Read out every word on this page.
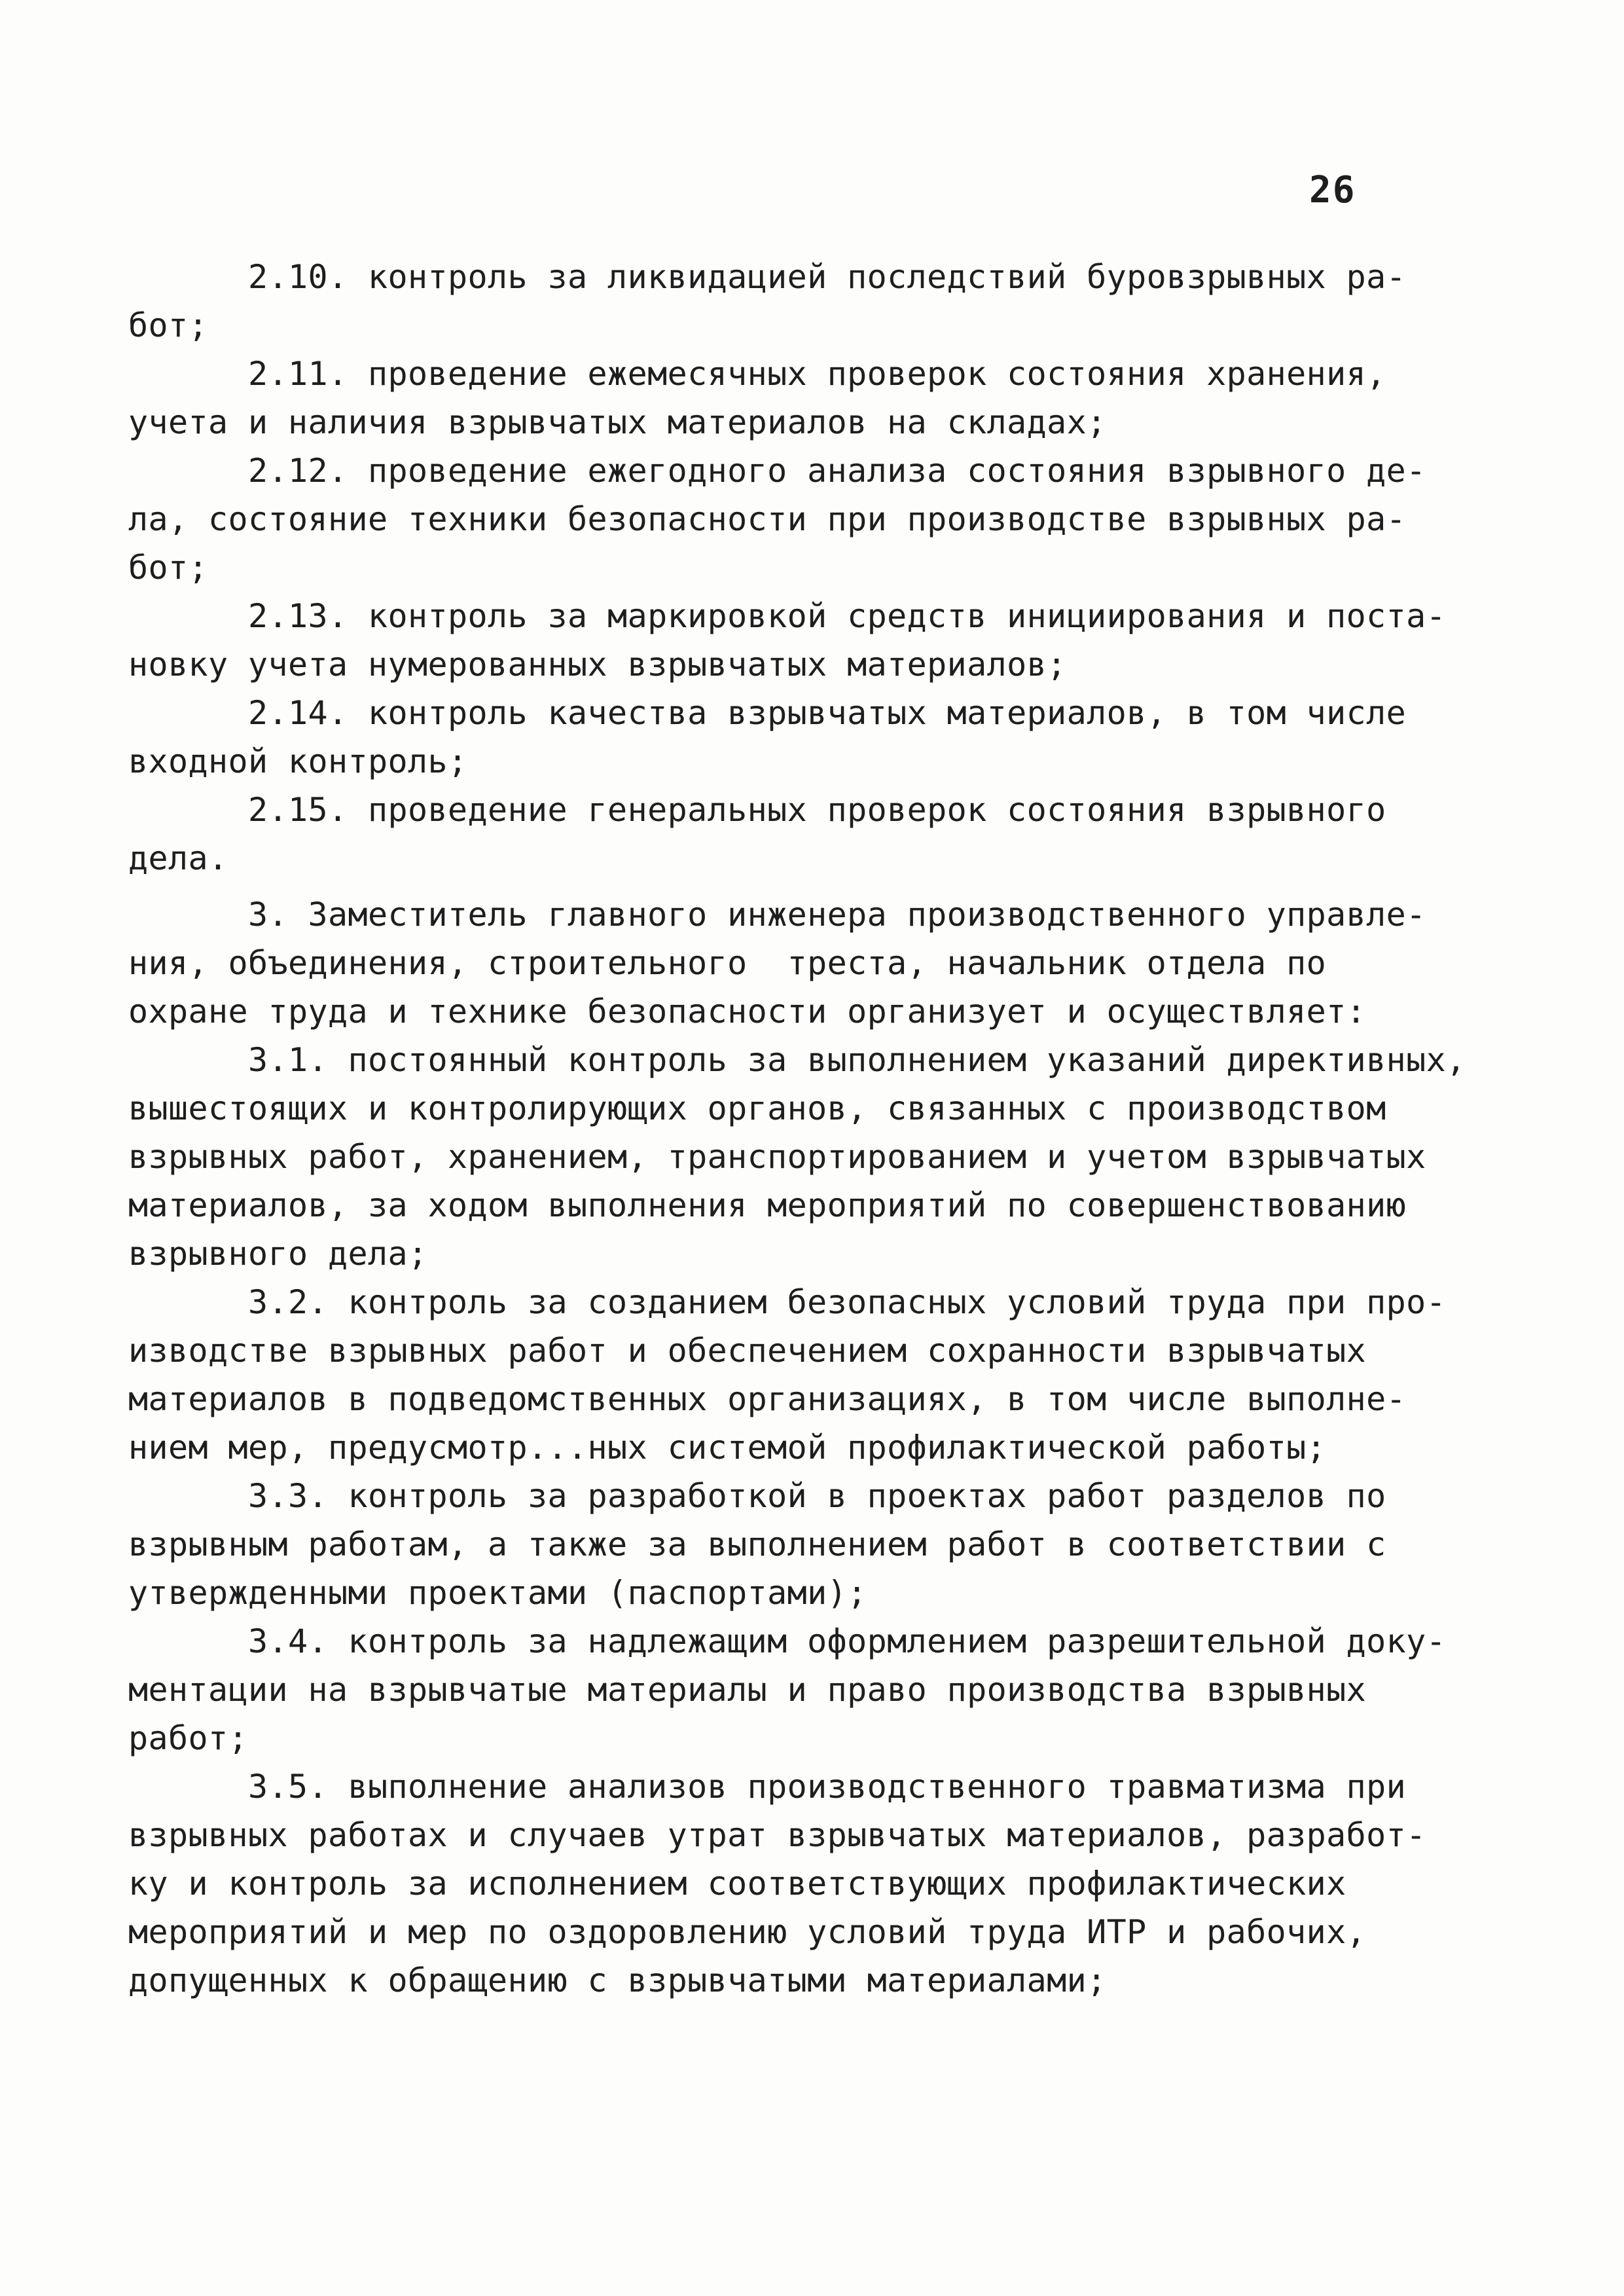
26
2.10. контроль за ликвидацией последствий буровзрывных ра-
бот;
2.11. проведение ежемесячных проверок состояния хранения,
учета и наличия взрывчатых материалов на складах;
2.12. проведение ежегодного анализа состояния взрывного де-
ла, состояние техники безопасности при производстве взрывных ра-
бот;
2.13. контроль за маркировкой средств инициирования и поста-
новку учета нумерованных взрывчатых материалов;
2.14. контроль качества взрывчатых материалов, в том числе
входной контроль;
2.15. проведение генеральных проверок состояния взрывного
дела.
3. Заместитель главного инженера производственного управле-
ния, объединения, строительного  треста, начальник отдела по
охране труда и технике безопасности организует и осуществляет:
3.1. постоянный контроль за выполнением указаний директивных,
вышестоящих и контролирующих органов, связанных с производством
взрывных работ, хранением, транспортированием и учетом взрывчатых
материалов, за ходом выполнения мероприятий по совершенствованию
взрывного дела;
3.2. контроль за созданием безопасных условий труда при про-
изводстве взрывных работ и обеспечением сохранности взрывчатых
материалов в подведомственных организациях, в том числе выполне-
нием мер, предусмотр...ных системой профилактической работы;
3.3. контроль за разработкой в проектах работ разделов по
взрывным работам, а также за выполнением работ в соответствии с
утвержденными проектами (паспортами);
3.4. контроль за надлежащим оформлением разрешительной доку-
ментации на взрывчатые материалы и право производства взрывных
работ;
3.5. выполнение анализов производственного травматизма при
взрывных работах и случаев утрат взрывчатых материалов, разработ-
ку и контроль за исполнением соответствующих профилактических
мероприятий и мер по оздоровлению условий труда ИТР и рабочих,
допущенных к обращению с взрывчатыми материалами;
